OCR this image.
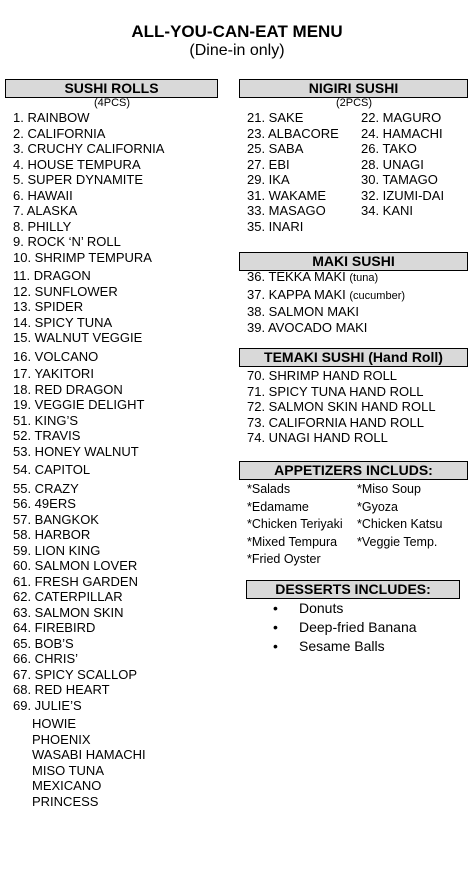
ALL-YOU-CAN-EAT MENU
(Dine-in only)
SUSHI ROLLS
(4PCS)
1. RAINBOW
2. CALIFORNIA
3. CRUCHY CALIFORNIA
4. HOUSE TEMPURA
5. SUPER DYNAMITE
6. HAWAII
7. ALASKA
8. PHILLY
9. ROCK ‘N’ ROLL
10. SHRIMP TEMPURA
11. DRAGON
12. SUNFLOWER
13. SPIDER
14. SPICY TUNA
15. WALNUT VEGGIE
16. VOLCANO
17. YAKITORI
18. RED DRAGON
19. VEGGIE DELIGHT
51. KING’S
52. TRAVIS
53. HONEY WALNUT
54. CAPITOL
55. CRAZY
56. 49ERS
57. BANGKOK
58. HARBOR
59. LION KING
60. SALMON LOVER
61. FRESH GARDEN
62. CATERPILLAR
63. SALMON SKIN
64. FIREBIRD
65. BOB’S
66. CHRIS’
67. SPICY SCALLOP
68. RED HEART
69. JULIE’S
HOWIE
PHOENIX
WASABI HAMACHI
MISO TUNA
MEXICANO
PRINCESS
NIGIRI SUSHI
(2PCS)
21. SAKE
23. ALBACORE
25. SABA
27. EBI
29. IKA
31. WAKAME
33. MASAGO
35. INARI
22. MAGURO
24. HAMACHI
26. TAKO
28. UNAGI
30. TAMAGO
32. IZUMI-DAI
34. KANI
MAKI SUSHI
36. TEKKA MAKI (tuna)
37. KAPPA MAKI (cucumber)
38. SALMON MAKI
39. AVOCADO MAKI
TEMAKI SUSHI (Hand Roll)
70. SHRIMP HAND ROLL
71. SPICY TUNA HAND ROLL
72. SALMON SKIN HAND ROLL
73. CALIFORNIA HAND ROLL
74. UNAGI HAND ROLL
APPETIZERS INCLUDS:
*Salads
*Edamame
*Chicken Teriyaki
*Mixed Tempura
*Fried Oyster
*Miso Soup
*Gyoza
*Chicken Katsu
*Veggie Temp.
DESSERTS INCLUDES:
• Donuts
• Deep-fried Banana
• Sesame Balls
